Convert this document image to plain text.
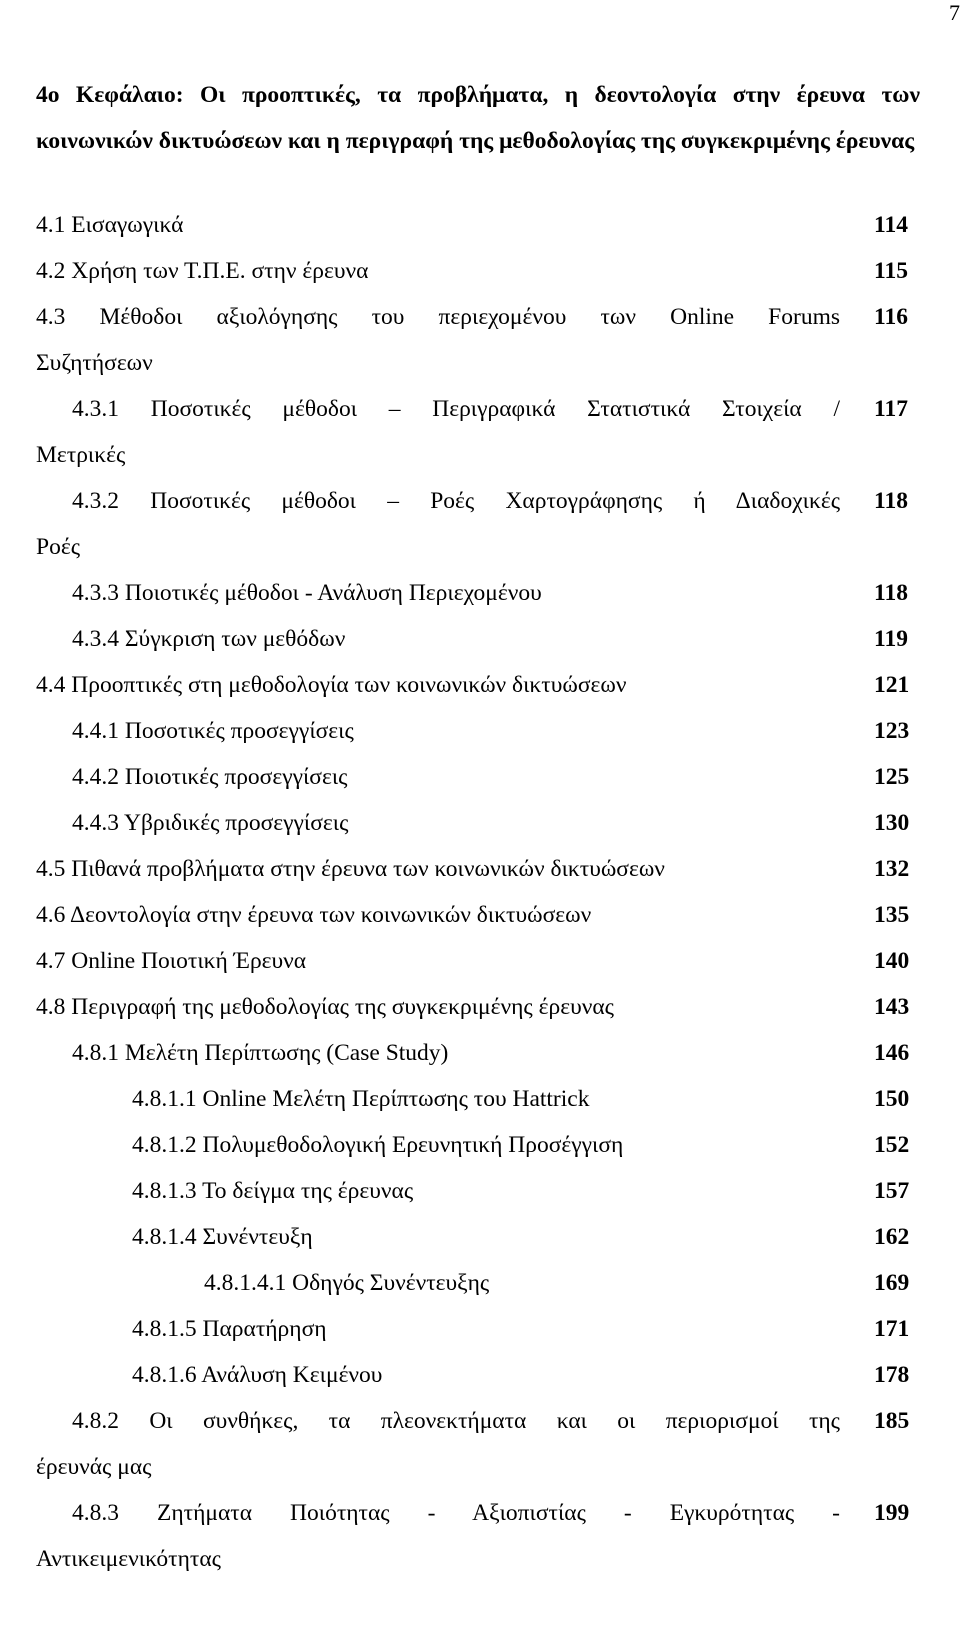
7
4ο Κεφάλαιο: Οι προοπτικές, τα προβλήματα, η δεοντολογία στην έρευνα των κοινωνικών δικτυώσεων και η περιγραφή της μεθοδολογίας της συγκεκριμένης έρευνας
4.1 Εισαγωγικά	114
4.2 Χρήση των Τ.Π.Ε. στην έρευνα	115
4.3 Μέθοδοι αξιολόγησης του περιεχομένου των Online Forums 116
Συζητήσεων
4.3.1 Ποσοτικές μέθοδοι – Περιγραφικά Στατιστικά Στοιχεία / 117
Μετρικές
4.3.2 Ποσοτικές μέθοδοι – Ροές Χαρτογράφησης ή Διαδοχικές 118
Ροές
4.3.3 Ποιοτικές μέθοδοι - Ανάλυση Περιεχομένου	118
4.3.4 Σύγκριση των μεθόδων	119
4.4 Προοπτικές στη μεθοδολογία των κοινωνικών δικτυώσεων	121
4.4.1 Ποσοτικές προσεγγίσεις	123
4.4.2 Ποιοτικές προσεγγίσεις	125
4.4.3 Υβριδικές προσεγγίσεις	130
4.5 Πιθανά προβλήματα στην έρευνα των κοινωνικών δικτυώσεων	132
4.6 Δεοντολογία στην έρευνα των κοινωνικών δικτυώσεων	135
4.7 Online Ποιοτική Έρευνα	140
4.8 Περιγραφή της μεθοδολογίας της συγκεκριμένης έρευνας	143
4.8.1 Μελέτη Περίπτωσης (Case Study)	146
4.8.1.1 Online Μελέτη Περίπτωσης του Hattrick	150
4.8.1.2 Πολυμεθοδολογική Ερευνητική Προσέγγιση	152
4.8.1.3 Το δείγμα της έρευνας	157
4.8.1.4 Συνέντευξη	162
4.8.1.4.1 Οδηγός Συνέντευξης	169
4.8.1.5 Παρατήρηση	171
4.8.1.6 Ανάλυση Κειμένου	178
4.8.2 Οι συνθήκες, τα πλεονεκτήματα και οι περιορισμοί της 185
έρευνάς μας
4.8.3 Ζητήματα Ποιότητας - Αξιοπιστίας - Εγκυρότητας - 199
Αντικειμενικότητας
